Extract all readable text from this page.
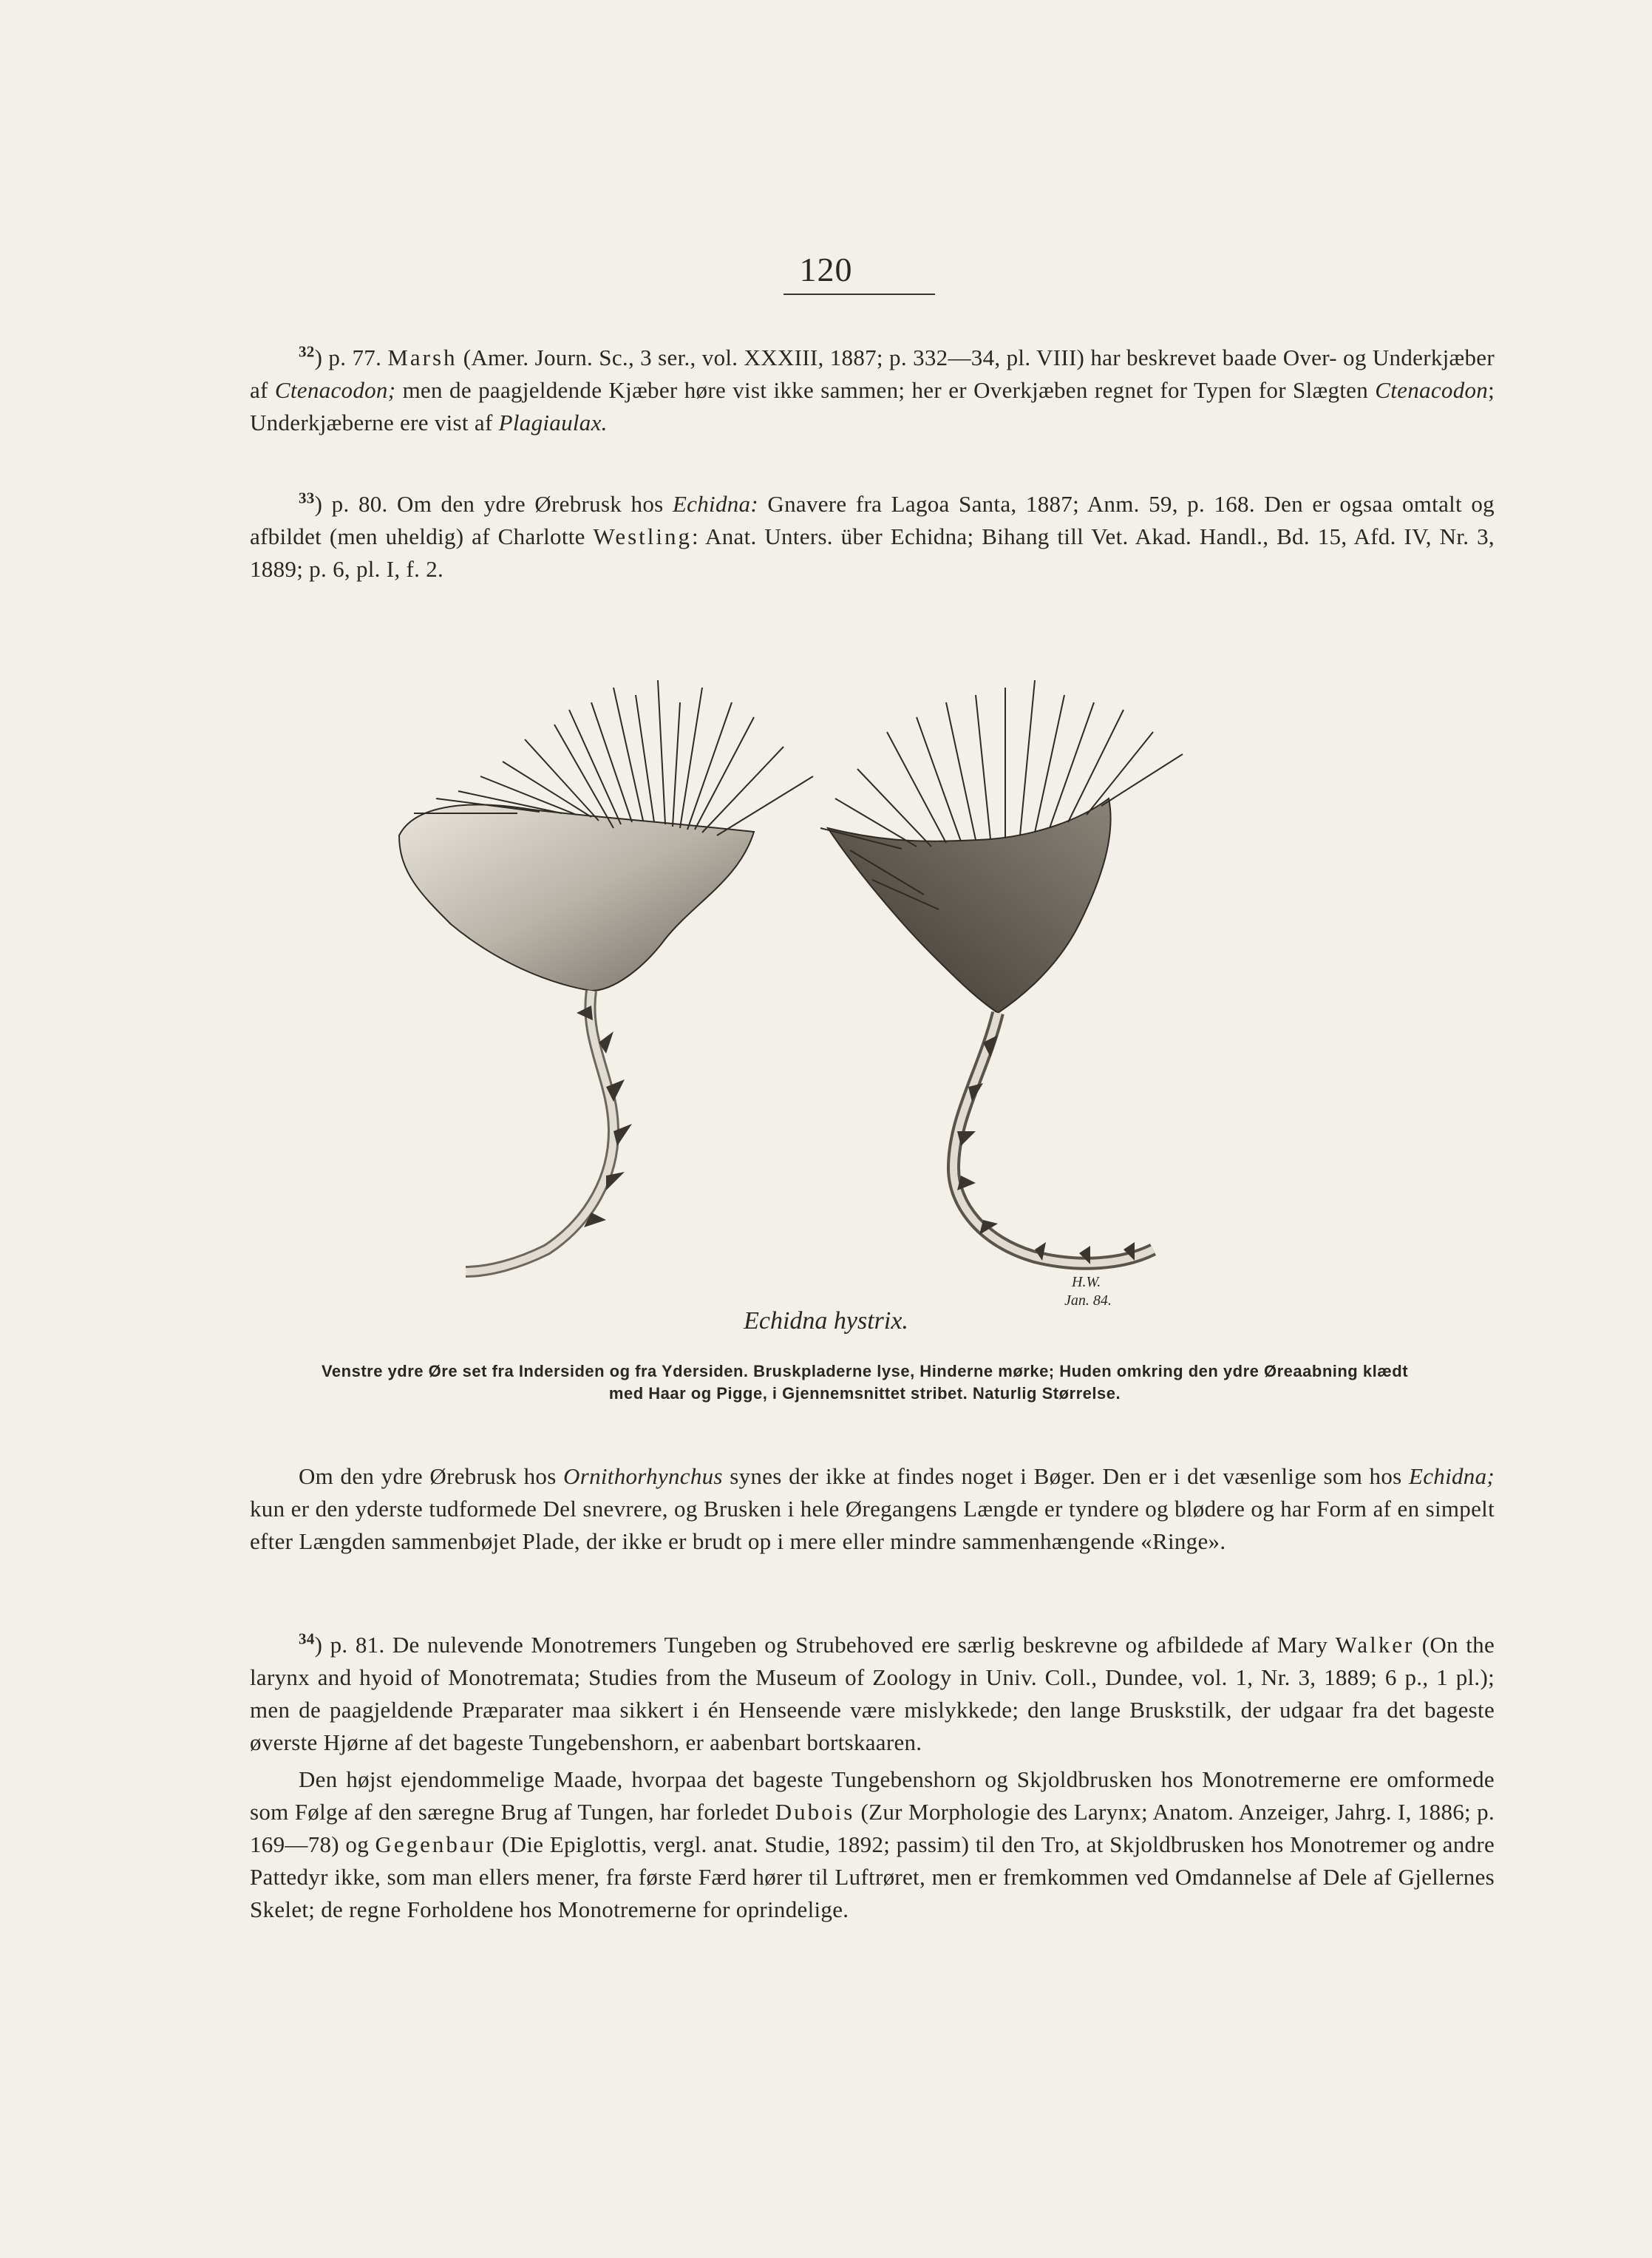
120

$^{32}$) p. 77. Marsh (Amer. Journ. Sc., 3 ser., vol. XXXIII, 1887; p. 332—34, pl. VIII) har beskrevet baade Over- og Underkjæber af Ctenacodon; men de paagjeldende Kjæber høre vist ikke sammen; her er Overkjæben regnet for Typen for Slægten Ctenacodon; Underkjæberne ere vist af Plagiaulax.

$^{33}$) p. 80. Om den ydre Ørebrusk hos Echidna: Gnavere fra Lagoa Santa, 1887; Anm. 59, p. 168. Den er ogsaa omtalt og afbildet (men uheldig) af Charlotte Westling: Anat. Unters. über Echidna; Bihang till Vet. Akad. Handl., Bd. 15, Afd. IV, Nr. 3, 1889; p. 6, pl. I, f. 2.

H.W.
Jan. 84.
Echidna hystrix.
Venstre ydre Øre set fra Indersiden og fra Ydersiden. Bruskpladerne lyse, Hinderne mørke; Huden omkring den ydre Øreaabning klædt med Haar og Pigge, i Gjennemsnittet stribet. Naturlig Størrelse.

Om den ydre Ørebrusk hos Ornithorhynchus synes der ikke at findes noget i Bøger. Den er i det væsenlige som hos Echidna; kun er den yderste tudformede Del snevrere, og Brusken i hele Øregangens Længde er tyndere og blødere og har Form af en simpelt efter Længden sammenbøjet Plade, der ikke er brudt op i mere eller mindre sammenhængende «Ringe».

$^{34}$) p. 81. De nulevende Monotremers Tungeben og Strubehoved ere særlig beskrevne og afbildede af Mary Walker (On the larynx and hyoid of Monotremata; Studies from the Museum of Zoology in Univ. Coll., Dundee, vol. 1, Nr. 3, 1889; 6 p., 1 pl.); men de paagjeldende Præparater maa sikkert i én Henseende være mislykkede; den lange Bruskstilk, der udgaar fra det bageste øverste Hjørne af det bageste Tungebenshorn, er aabenbart bortskaaren.

Den højst ejendommelige Maade, hvorpaa det bageste Tungebenshorn og Skjoldbrusken hos Monotremerne ere omformede som Følge af den særegne Brug af Tungen, har forledet Dubois (Zur Morphologie des Larynx; Anatom. Anzeiger, Jahrg. I, 1886; p. 169—78) og Gegenbaur (Die Epiglottis, vergl. anat. Studie, 1892; passim) til den Tro, at Skjoldbrusken hos Monotremer og andre Pattedyr ikke, som man ellers mener, fra første Færd hører til Luftrøret, men er fremkommen ved Omdannelse af Dele af Gjellernes Skelet; de regne Forholdene hos Monotremerne for oprindelige.
